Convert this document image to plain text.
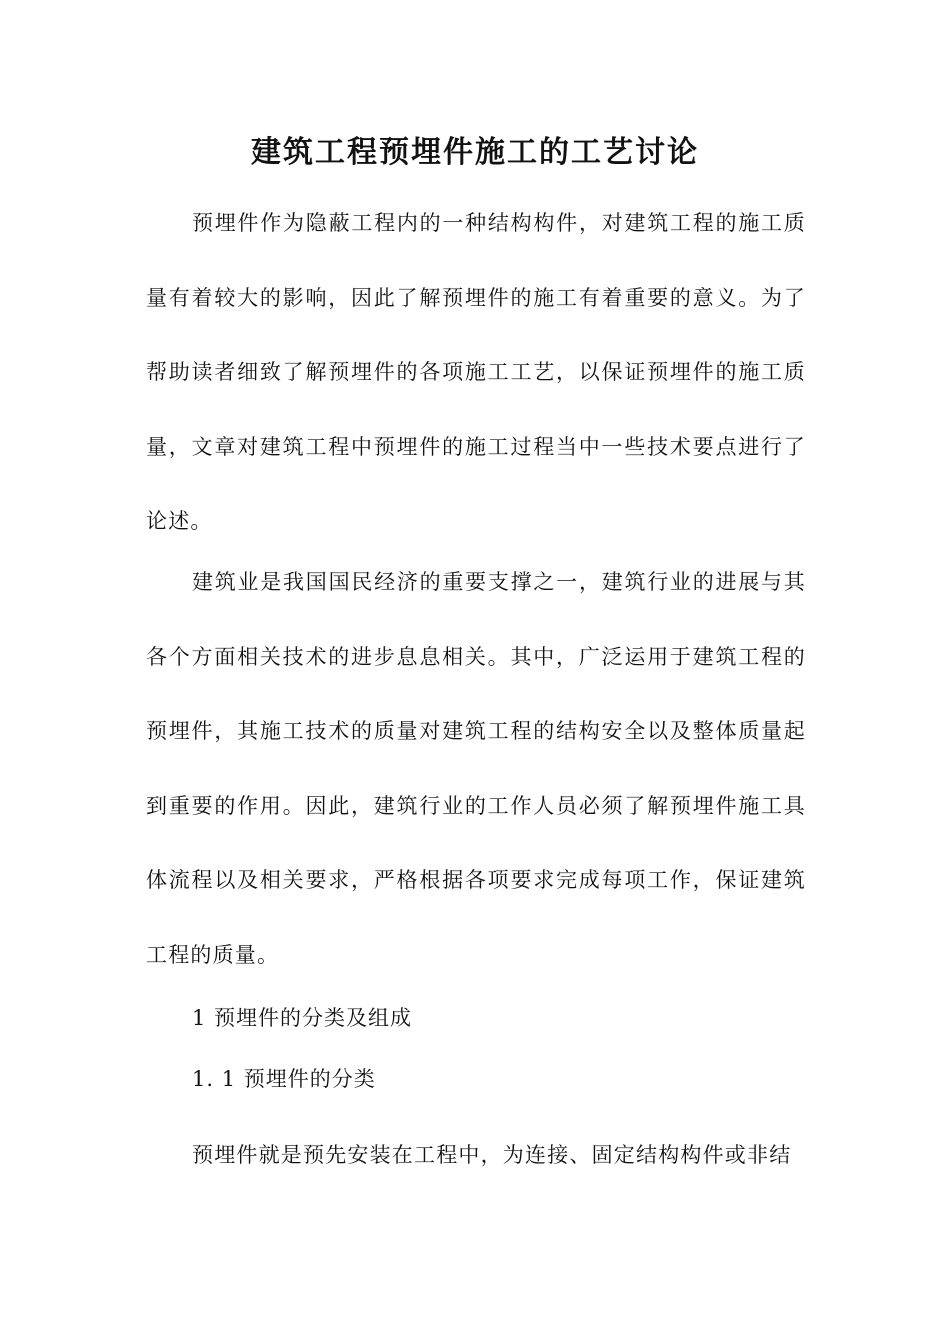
建筑工程预埋件施工的工艺讨论

预埋件作为隐蔽工程内的一种结构构件，对建筑工程的施工质量有着较大的影响，因此了解预埋件的施工有着重要的意义。为了帮助读者细致了解预埋件的各项施工工艺，以保证预埋件的施工质量，文章对建筑工程中预埋件的施工过程当中一些技术要点进行了论述。

建筑业是我国国民经济的重要支撑之一，建筑行业的进展与其各个方面相关技术的进步息息相关。其中，广泛运用于建筑工程的预埋件，其施工技术的质量对建筑工程的结构安全以及整体质量起到重要的作用。因此，建筑行业的工作人员必须了解预埋件施工具体流程以及相关要求，严格根据各项要求完成每项工作，保证建筑工程的质量。

1 预埋件的分类及组成
1. 1 预埋件的分类

预埋件就是预先安装在工程中，为连接、固定结构构件或非结
